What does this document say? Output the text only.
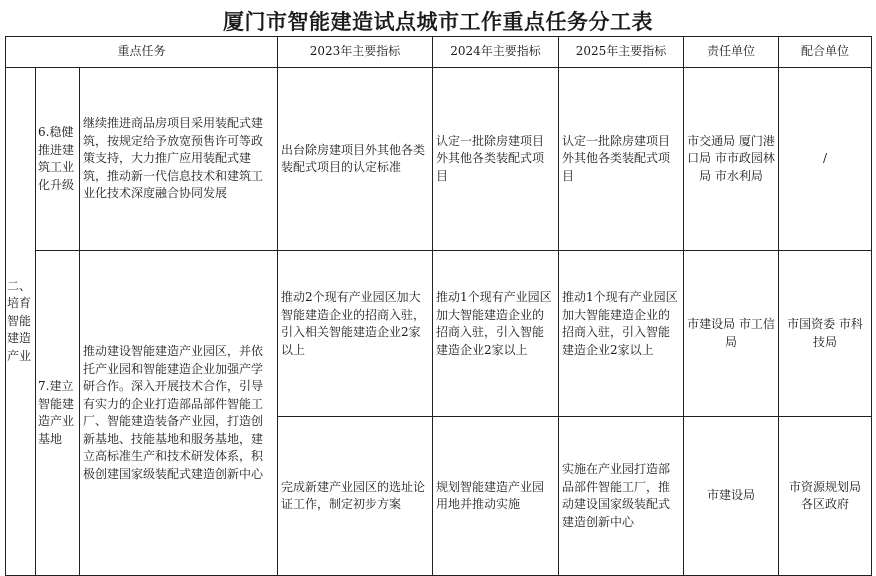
厦门市智能建造试点城市工作重点任务分工表
重点任务			2023年主要指标	2024年主要指标	2025年主要指标	责任单位	配合单位
二、培育智能建造产业	6.稳健推进建筑工业化升级	继续推进商品房项目采用装配式建筑，按规定给予放宽预售许可等政策支持，大力推广应用装配式建筑，推动新一代信息技术和建筑工业化技术深度融合协同发展	出台除房建项目外其他各类装配式项目的认定标准	认定一批除房建项目外其他各类装配式项目	认定一批除房建项目外其他各类装配式项目	市交通局 厦门港口局 市市政园林局 市水利局	/
	7.建立智能建造产业基地	推动建设智能建造产业园区，并依托产业园和智能建造企业加强产学研合作。深入开展技术合作，引导有实力的企业打造部品部件智能工厂、智能建造装备产业园，打造创新基地、技能基地和服务基地，建立高标准生产和技术研发体系，积极创建国家级装配式建造创新中心	推动2个现有产业园区加大智能建造企业的招商入驻，引入相关智能建造企业2家以上	推动1个现有产业园区加大智能建造企业的招商入驻，引入智能建造企业2家以上	推动1个现有产业园区加大智能建造企业的招商入驻，引入智能建造企业2家以上	市建设局 市工信局	市国资委 市科技局
			完成新建产业园区的选址论证工作，制定初步方案	规划智能建造产业园用地并推动实施	实施在产业园打造部品部件智能工厂，推动建设国家级装配式建造创新中心	市建设局	市资源规划局 各区政府
